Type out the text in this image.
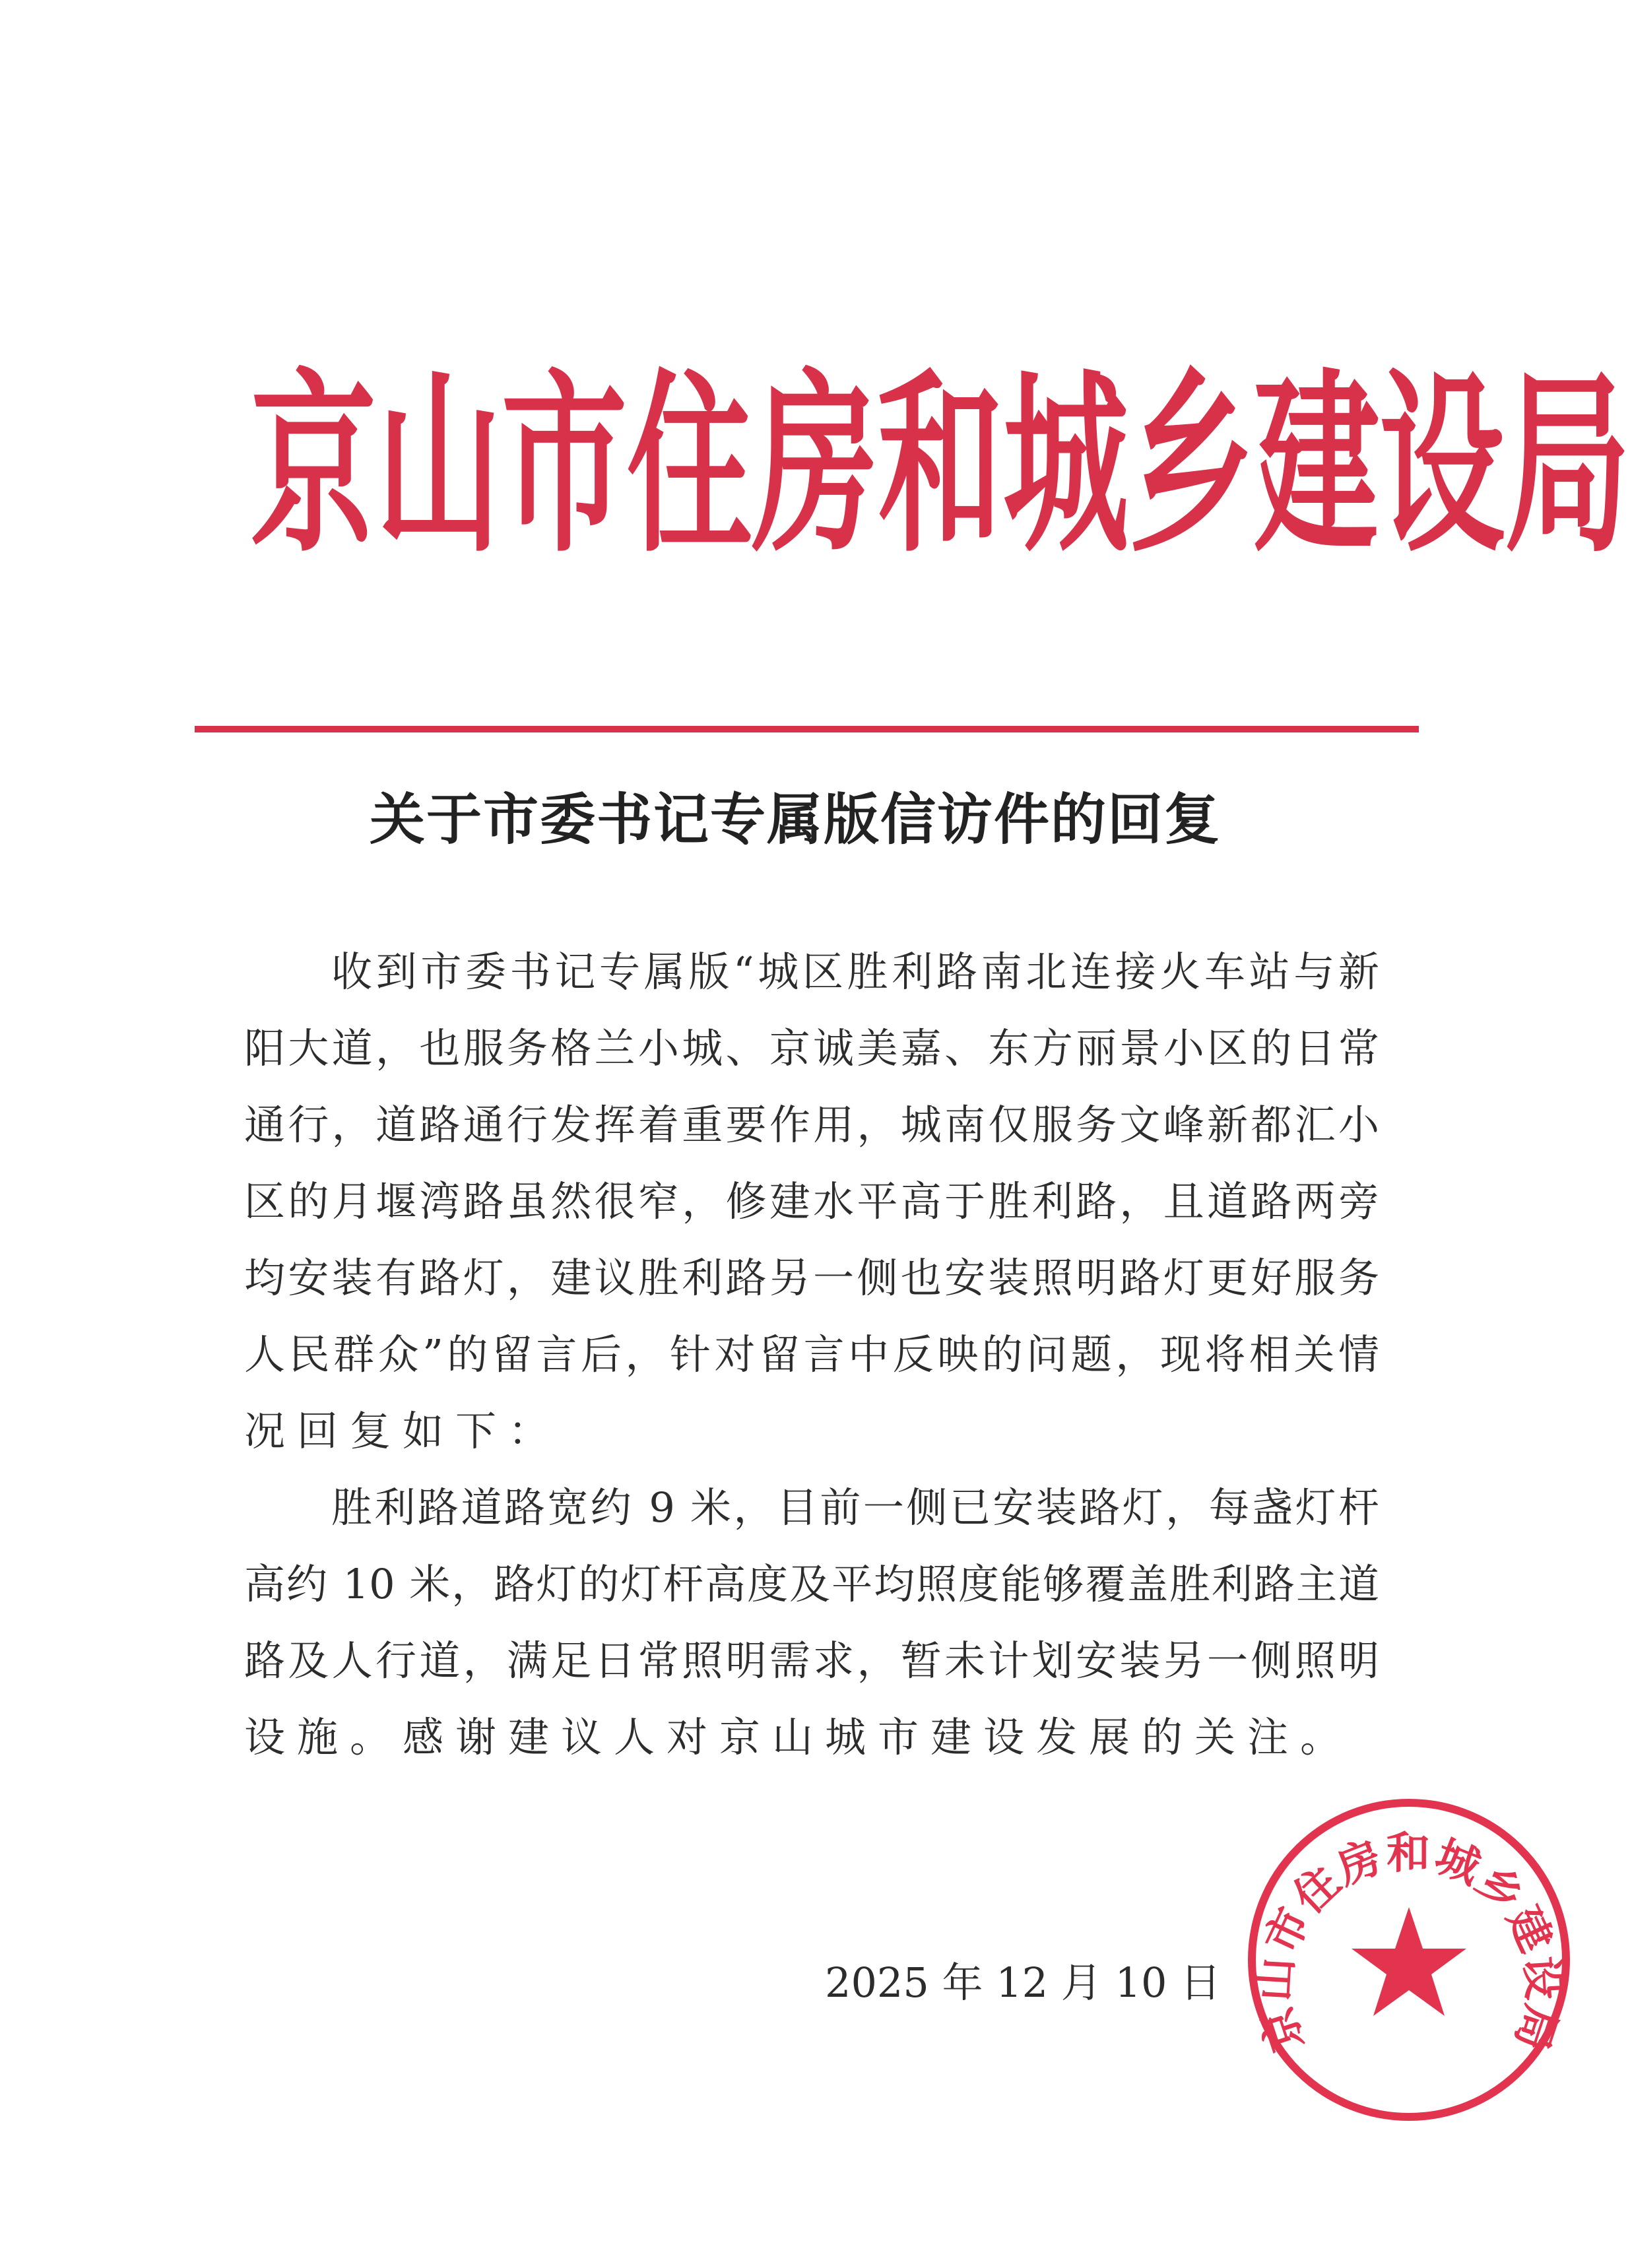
京 山 市 住 房 和 城 乡 建 设 局
关于市委书记专属版信访件的回复
收到市委书记专属版“城区胜利路南北连接火车站与新
阳大道，也服务格兰小城、京诚美嘉、东方丽景小区的日常
通行，道路通行发挥着重要作用，城南仅服务文峰新都汇小
区的月堰湾路虽然很窄，修建水平高于胜利路，且道路两旁
均安装有路灯，建议胜利路另一侧也安装照明路灯更好服务
人民群众”的留言后，针对留言中反映的问题，现将相关情
况回复如下：
胜利路道路宽约 9 米，目前一侧已安装路灯，每盏灯杆
高约 10 米，路灯的灯杆高度及平均照度能够覆盖胜利路主道
路及人行道，满足日常照明需求，暂未计划安装另一侧照明
设施。感谢建议人对京山城市建设发展的关注。
2025 年 12 月 10 日
京山市住房和城乡建设局
